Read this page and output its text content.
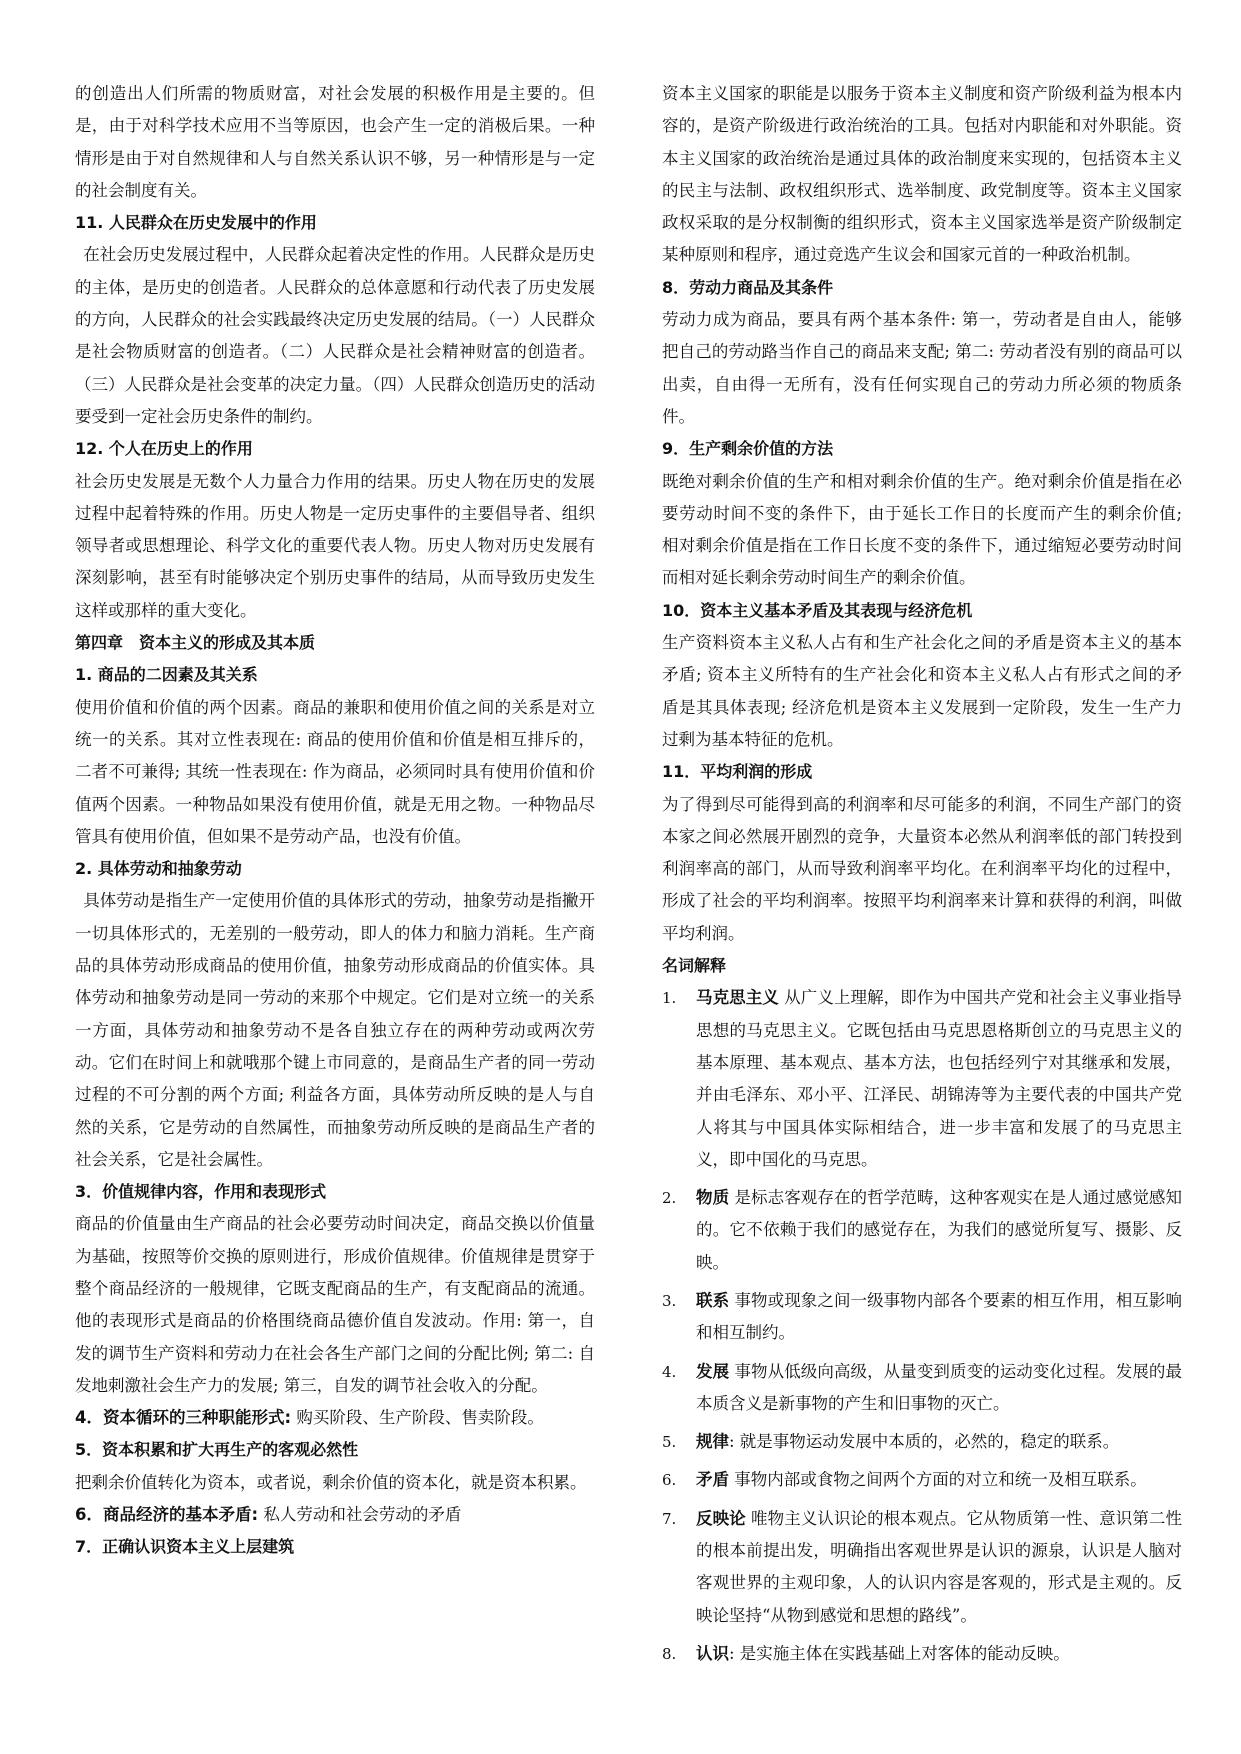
的创造出人们所需的物质财富，对社会发展的积极作用是主要的。但是，由于对科学技术应用不当等原因，也会产生一定的消极后果。一种情形是由于对自然规律和人与自然关系认识不够，另一种情形是与一定的社会制度有关。

11. 人民群众在历史发展中的作用

在社会历史发展过程中，人民群众起着决定性的作用。人民群众是历史的主体，是历史的创造者。人民群众的总体意愿和行动代表了历史发展的方向，人民群众的社会实践最终决定历史发展的结局。（一）人民群众是社会物质财富的创造者。（二）人民群众是社会精神财富的创造者。（三）人民群众是社会变革的决定力量。（四）人民群众创造历史的活动要受到一定社会历史条件的制约。

12. 个人在历史上的作用

社会历史发展是无数个人力量合力作用的结果。历史人物在历史的发展过程中起着特殊的作用。历史人物是一定历史事件的主要倡导者、组织领导者或思想理论、科学文化的重要代表人物。历史人物对历史发展有深刻影响，甚至有时能够决定个别历史事件的结局，从而导致历史发生这样或那样的重大变化。

第四章　资本主义的形成及其本质

1. 商品的二因素及其关系

使用价值和价值的两个因素。商品的兼职和使用价值之间的关系是对立统一的关系。其对立性表现在: 商品的使用价值和价值是相互排斥的，二者不可兼得; 其统一性表现在: 作为商品，必须同时具有使用价值和价值两个因素。一种物品如果没有使用价值，就是无用之物。一种物品尽管具有使用价值，但如果不是劳动产品，也没有价值。

2. 具体劳动和抽象劳动

具体劳动是指生产一定使用价值的具体形式的劳动，抽象劳动是指撇开一切具体形式的，无差别的一般劳动，即人的体力和脑力消耗。生产商品的具体劳动形成商品的使用价值，抽象劳动形成商品的价值实体。具体劳动和抽象劳动是同一劳动的来那个中规定。它们是对立统一的关系 一方面，具体劳动和抽象劳动不是各自独立存在的两种劳动或两次劳动。它们在时间上和就哦那个键上市同意的，是商品生产者的同一劳动过程的不可分割的两个方面; 利益各方面，具体劳动所反映的是人与自然的关系，它是劳动的自然属性，而抽象劳动所反映的是商品生产者的社会关系，它是社会属性。

3．价值规律内容，作用和表现形式

商品的价值量由生产商品的社会必要劳动时间决定，商品交换以价值量为基础，按照等价交换的原则进行，形成价值规律。价值规律是贯穿于整个商品经济的一般规律，它既支配商品的生产，有支配商品的流通。他的表现形式是商品的价格围绕商品德价值自发波动。作用: 第一，自发的调节生产资料和劳动力在社会各生产部门之间的分配比例; 第二: 自发地刺激社会生产力的发展; 第三，自发的调节社会收入的分配。

4．资本循环的三种职能形式: 购买阶段、生产阶段、售卖阶段。

5．资本积累和扩大再生产的客观必然性

把剩余价值转化为资本，或者说，剩余价值的资本化，就是资本积累。

6．商品经济的基本矛盾: 私人劳动和社会劳动的矛盾

7．正确认识资本主义上层建筑

资本主义国家的职能是以服务于资本主义制度和资产阶级利益为根本内容的，是资产阶级进行政治统治的工具。包括对内职能和对外职能。资本主义国家的政治统治是通过具体的政治制度来实现的，包括资本主义的民主与法制、政权组织形式、选举制度、政党制度等。资本主义国家政权采取的是分权制衡的组织形式，资本主义国家选举是资产阶级制定某种原则和程序，通过竞选产生议会和国家元首的一种政治机制。

8．劳动力商品及其条件

劳动力成为商品，要具有两个基本条件: 第一，劳动者是自由人，能够把自己的劳动路当作自己的商品来支配; 第二: 劳动者没有别的商品可以出卖，自由得一无所有，没有任何实现自己的劳动力所必须的物质条件。

9．生产剩余价值的方法

既绝对剩余价值的生产和相对剩余价值的生产。绝对剩余价值是指在必要劳动时间不变的条件下，由于延长工作日的长度而产生的剩余价值; 相对剩余价值是指在工作日长度不变的条件下，通过缩短必要劳动时间而相对延长剩余劳动时间生产的剩余价值。

10．资本主义基本矛盾及其表现与经济危机

生产资料资本主义私人占有和生产社会化之间的矛盾是资本主义的基本矛盾; 资本主义所特有的生产社会化和资本主义私人占有形式之间的矛盾是其具体表现; 经济危机是资本主义发展到一定阶段，发生一生产力过剩为基本特征的危机。

11．平均利润的形成

为了得到尽可能得到高的利润率和尽可能多的利润，不同生产部门的资本家之间必然展开剧烈的竞争，大量资本必然从利润率低的部门转投到利润率高的部门，从而导致利润率平均化。在利润率平均化的过程中，形成了社会的平均利润率。按照平均利润率来计算和获得的利润，叫做平均利润。

名词解释

1. 马克思主义 从广义上理解，即作为中国共产党和社会主义事业指导思想的马克思主义。它既包括由马克思恩格斯创立的马克思主义的基本原理、基本观点、基本方法，也包括经列宁对其继承和发展，并由毛泽东、邓小平、江泽民、胡锦涛等为主要代表的中国共产党人将其与中国具体实际相结合，进一步丰富和发展了的马克思主义，即中国化的马克思。
2. 物质 是标志客观存在的哲学范畴，这种客观实在是人通过感觉感知的。它不依赖于我们的感觉存在，为我们的感觉所复写、摄影、反映。
3. 联系 事物或现象之间一级事物内部各个要素的相互作用，相互影响和相互制约。
4. 发展 事物从低级向高级，从量变到质变的运动变化过程。发展的最本质含义是新事物的产生和旧事物的灭亡。
5. 规律: 就是事物运动发展中本质的，必然的，稳定的联系。
6. 矛盾 事物内部或食物之间两个方面的对立和统一及相互联系。
7. 反映论 唯物主义认识论的根本观点。它从物质第一性、意识第二性的根本前提出发，明确指出客观世界是认识的源泉，认识是人脑对客观世界的主观印象，人的认识内容是客观的，形式是主观的。反映论坚持“从物到感觉和思想的路线”。
8. 认识: 是实施主体在实践基础上对客体的能动反映。
